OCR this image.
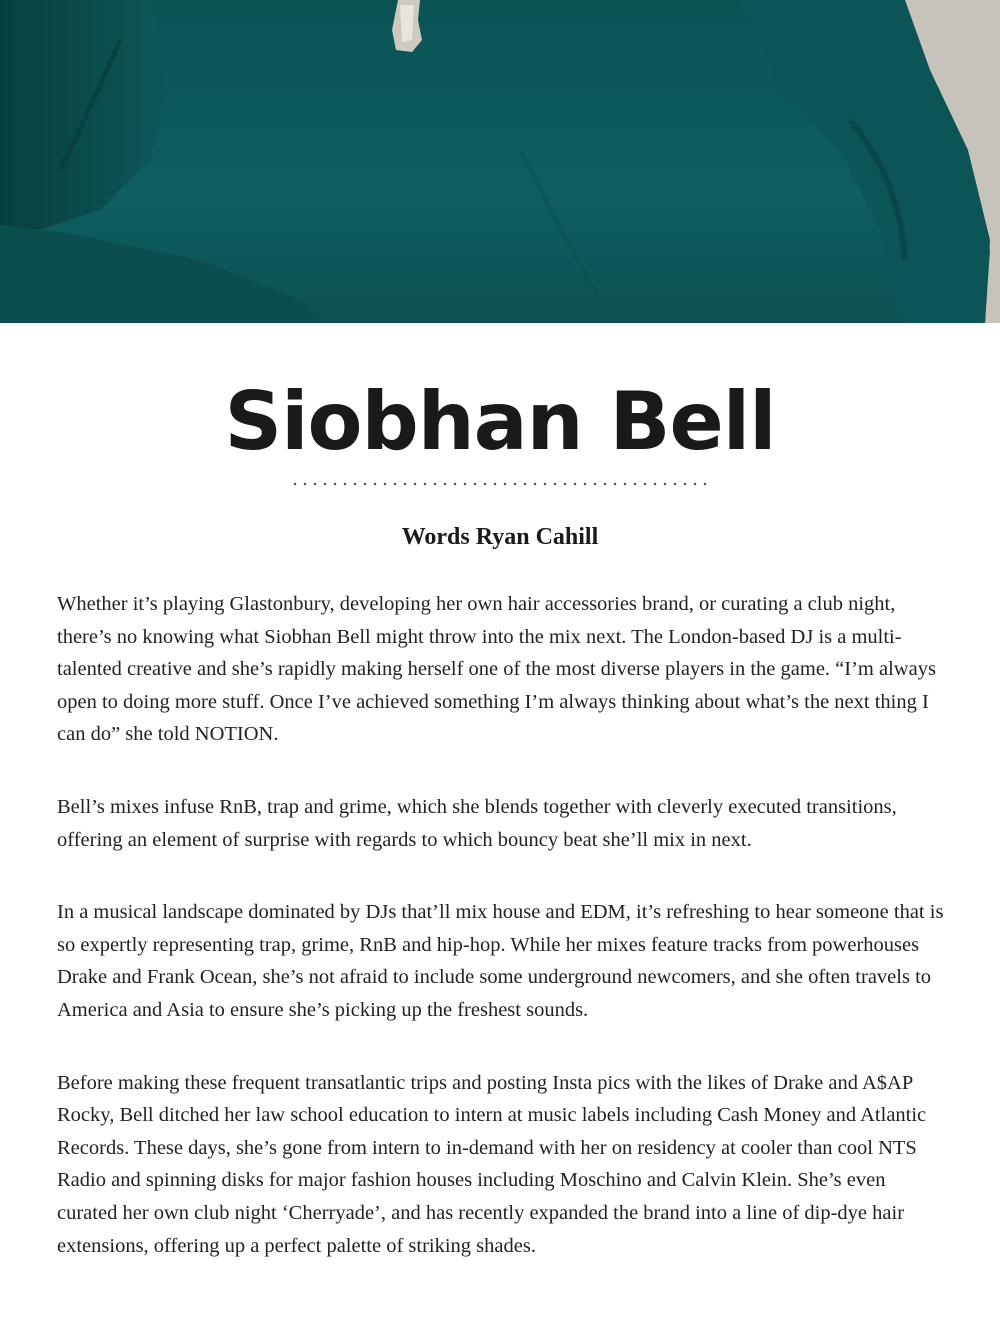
Siobhan Bell
Words Ryan Cahill

Whether it’s playing Glastonbury, developing her own hair accessories brand, or curating a club night, there’s no knowing what Siobhan Bell might throw into the mix next. The London-based DJ is a multi-talented creative and she’s rapidly making herself one of the most diverse players in the game. “I’m always open to doing more stuff. Once I’ve achieved something I’m always thinking about what’s the next thing I can do” she told NOTION.

Bell’s mixes infuse RnB, trap and grime, which she blends together with cleverly executed transitions, offering an element of surprise with regards to which bouncy beat she’ll mix in next.

In a musical landscape dominated by DJs that’ll mix house and EDM, it’s refreshing to hear someone that is so expertly representing trap, grime, RnB and hip-hop. While her mixes feature tracks from powerhouses Drake and Frank Ocean, she’s not afraid to include some underground newcomers, and she often travels to America and Asia to ensure she’s picking up the freshest sounds.

Before making these frequent transatlantic trips and posting Insta pics with the likes of Drake and A$AP Rocky, Bell ditched her law school education to intern at music labels including Cash Money and Atlantic Records. These days, she’s gone from intern to in-demand with her on residency at cooler than cool NTS Radio and spinning disks for major fashion houses including Moschino and Calvin Klein. She’s even curated her own club night ‘Cherryade’, and has recently expanded the brand into a line of dip-dye hair extensions, offering up a perfect palette of striking shades.
